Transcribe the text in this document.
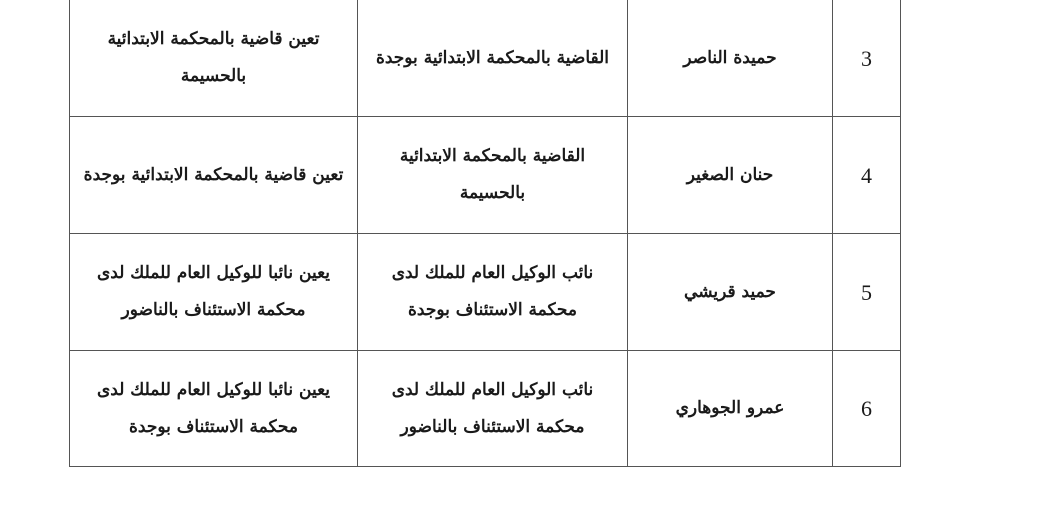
تعين قاضية بالمحكمة الابتدائية بالحسيمة	القاضية بالمحكمة الابتدائية بوجدة	حميدة الناصر	3

تعين قاضية بالمحكمة الابتدائية بوجدة	القاضية بالمحكمة الابتدائية بالحسيمة	حنان الصغير	4

يعين نائبا للوكيل العام للملك لدى محكمة الاستئناف بالناضور	نائب الوكيل العام للملك لدى محكمة الاستئناف بوجدة	حميد قريشي	5

يعين نائبا للوكيل العام للملك لدى محكمة الاستئناف بوجدة	نائب الوكيل العام للملك لدى محكمة الاستئناف بالناضور	عمرو الجوهاري	6
